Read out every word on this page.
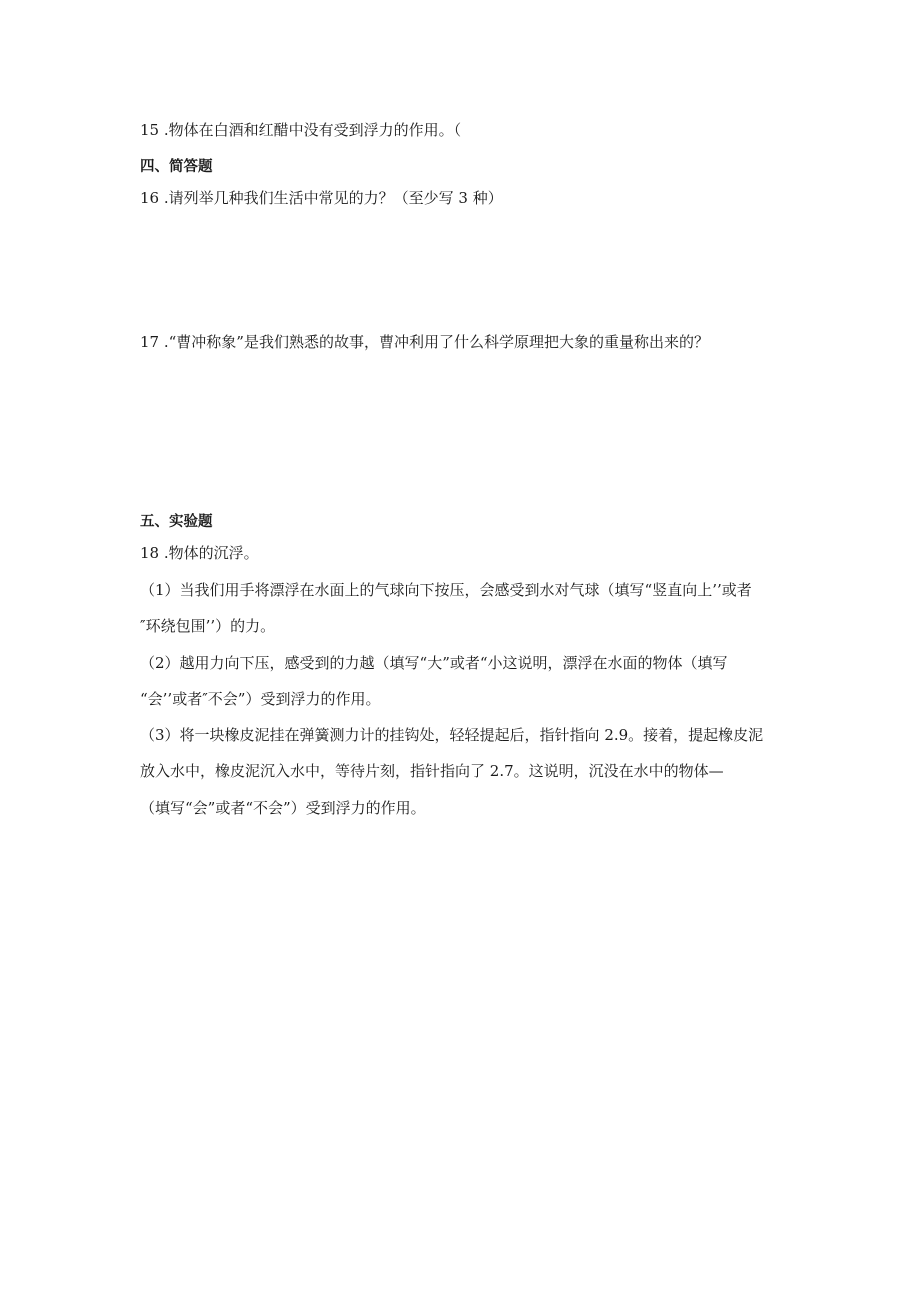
15 .物体在白酒和红醋中没有受到浮力的作用。（
四、简答题
16 .请列举几种我们生活中常见的力？（至少写 3 种）
17 .“曹冲称象”是我们熟悉的故事，曹冲利用了什么科学原理把大象的重量称出来的？
五、实验题
18 .物体的沉浮。
（1）当我们用手将漂浮在水面上的气球向下按压，会感受到水对气球（填写“竖直向上’’或者
″环绕包围’’）的力。
（2）越用力向下压，感受到的力越（填写“大”或者“小这说明，漂浮在水面的物体（填写
“会’’或者″不会”）受到浮力的作用。
（3）将一块橡皮泥挂在弹簧测力计的挂钩处，轻轻提起后，指针指向 2.9。接着，提起橡皮泥
放入水中，橡皮泥沉入水中，等待片刻，指针指向了 2.7。这说明，沉没在水中的物体—
（填写“会”或者“不会”）受到浮力的作用。
